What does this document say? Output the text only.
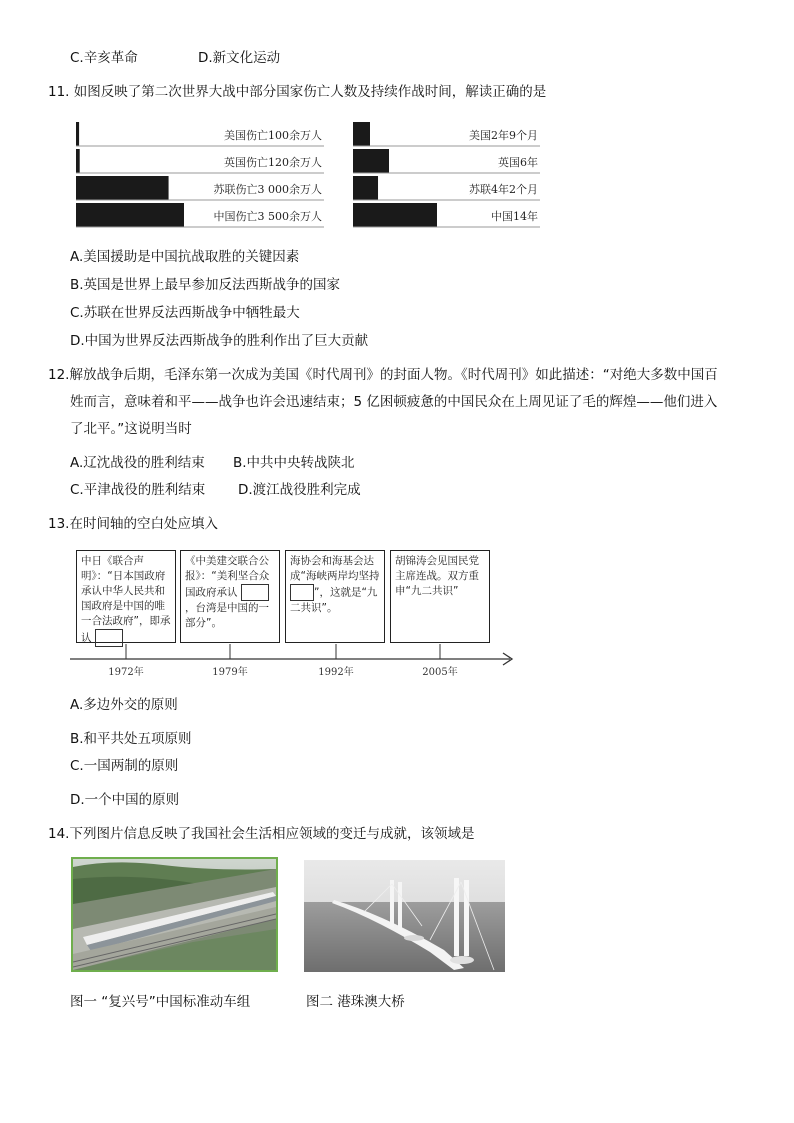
C.辛亥革命	D.新文化运动
11. 如图反映了第二次世界大战中部分国家伤亡人数及持续作战时间，解读正确的是
美国伤亡100余万人
英国伤亡120余万人
苏联伤亡3 000余万人
中国伤亡3 500余万人
美国2年9个月
英国6年
苏联4年2个月
中国14年
A.美国援助是中国抗战取胜的关键因素
B.英国是世界上最早参加反法西斯战争的国家
C.苏联在世界反法西斯战争中牺牲最大
D.中国为世界反法西斯战争的胜利作出了巨大贡献
12.解放战争后期，毛泽东第一次成为美国《时代周刊》的封面人物。《时代周刊》如此描述：“对绝大多数中国百
姓而言，意味着和平——战争也许会迅速结束；5 亿困顿疲惫的中国民众在上周见证了毛的辉煌——他们进入
了北平。”这说明当时
A.辽沈战役的胜利结束 B.中共中央转战陕北
C.平津战役的胜利结束 D.渡江战役胜利完成
13.在时间轴的空白处应填入
中日《联合声明》：“日本国政府承认中华人民共和国政府是中国的唯一合法政府”，即承认
《中美建交联合公报》：“美利坚合众国政府承认 ，台湾是中国的一部分”。
海协会和海基会达成“海峡两岸均坚持 ”，这就是“九二共识”。
胡锦涛会见国民党主席连战。双方重申“九二共识”
1972年	1979年	1992年	2005年
A.多边外交的原则
B.和平共处五项原则
C.一国两制的原则
D.一个中国的原则
14.下列图片信息反映了我国社会生活相应领域的变迁与成就，该领域是
图一 “复兴号”中国标准动车组	图二 港珠澳大桥
